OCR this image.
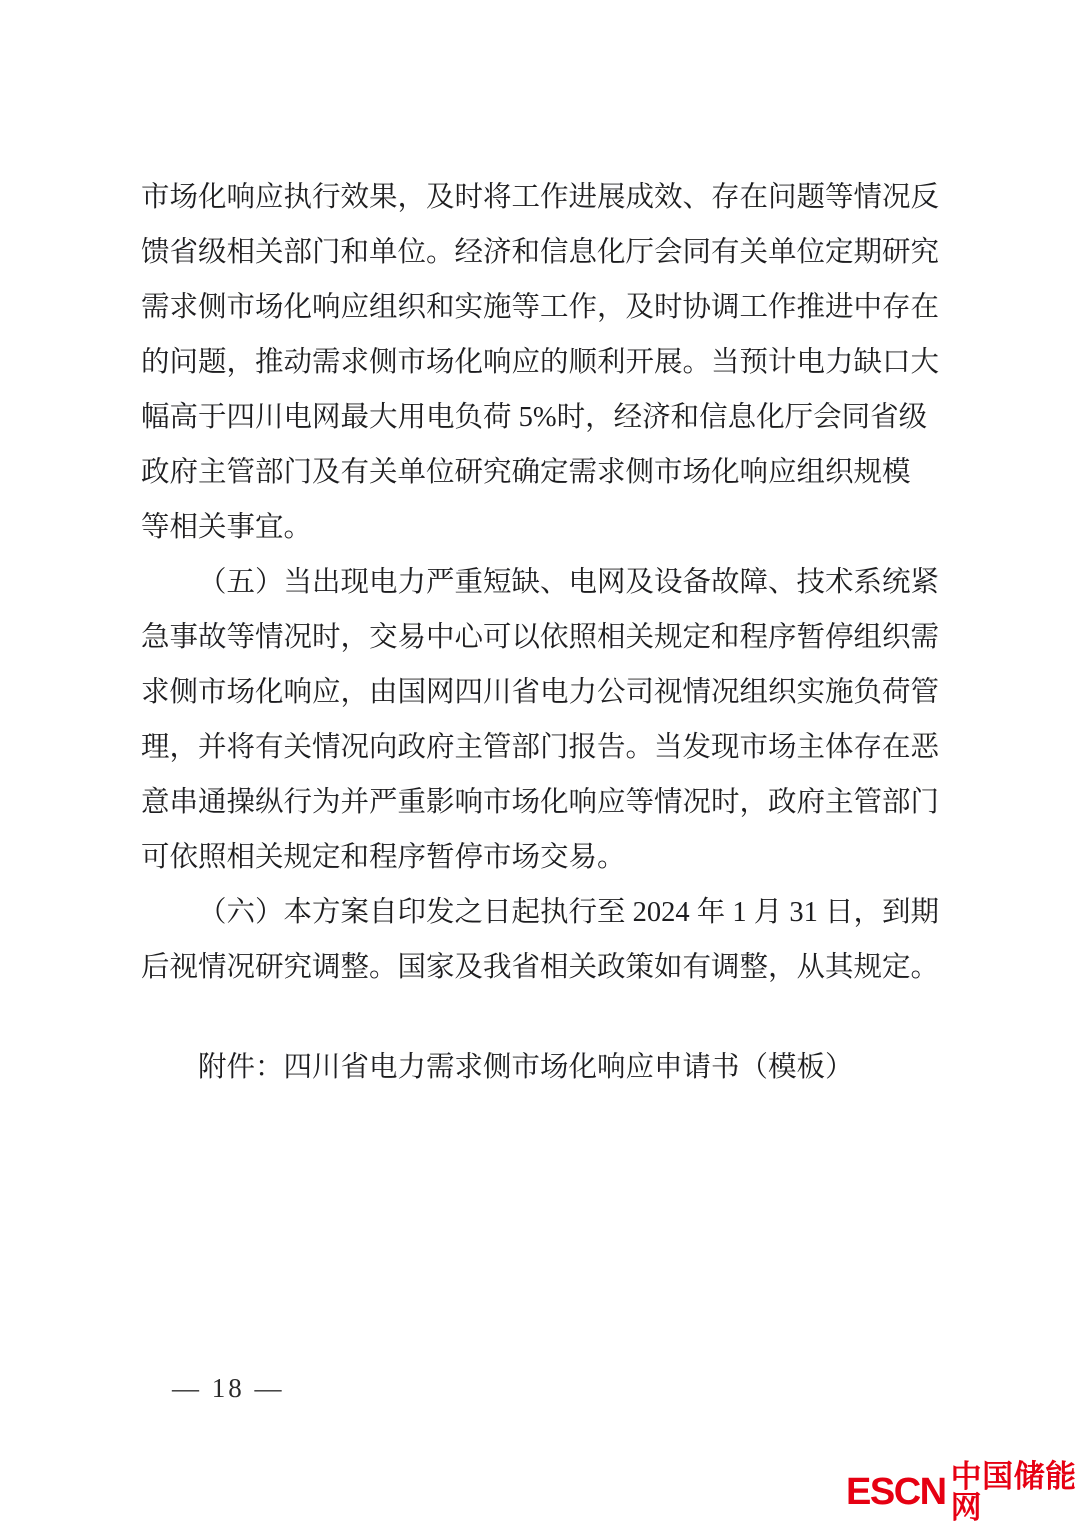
市场化响应执行效果，及时将工作进展成效、存在问题等情况反
馈省级相关部门和单位。经济和信息化厅会同有关单位定期研究
需求侧市场化响应组织和实施等工作，及时协调工作推进中存在
的问题，推动需求侧市场化响应的顺利开展。当预计电力缺口大
幅高于四川电网最大用电负荷 5%时，经济和信息化厅会同省级
政府主管部门及有关单位研究确定需求侧市场化响应组织规模
等相关事宜。
（五）当出现电力严重短缺、电网及设备故障、技术系统紧
急事故等情况时，交易中心可以依照相关规定和程序暂停组织需
求侧市场化响应，由国网四川省电力公司视情况组织实施负荷管
理，并将有关情况向政府主管部门报告。当发现市场主体存在恶
意串通操纵行为并严重影响市场化响应等情况时，政府主管部门
可依照相关规定和程序暂停市场交易。
（六）本方案自印发之日起执行至 2024 年 1 月 31 日，到期
后视情况研究调整。国家及我省相关政策如有调整，从其规定。
附件：四川省电力需求侧市场化响应申请书（模板）
— 18 —
ESCN 中国储能网
